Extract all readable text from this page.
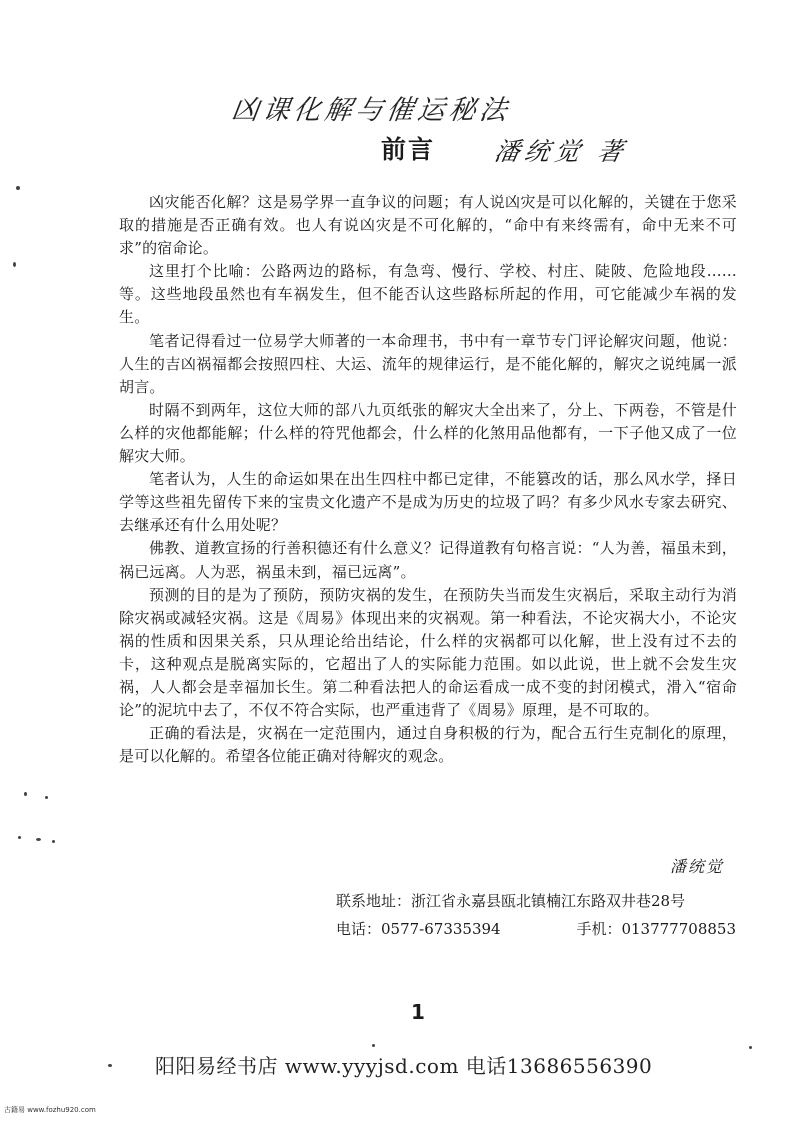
凶课化解与催运秘法
前言 潘统觉 著

凶灾能否化解？这是易学界一直争议的问题；有人说凶灾是可以化解的，关键在于您采取的措施是否正确有效。也人有说凶灾是不可化解的，“命中有来终需有，命中无来不可求”的宿命论。

这里打个比喻：公路两边的路标，有急弯、慢行、学校、村庄、陡陂、危险地段……等。这些地段虽然也有车祸发生，但不能否认这些路标所起的作用，可它能减少车祸的发生。

笔者记得看过一位易学大师著的一本命理书，书中有一章节专门评论解灾问题，他说：人生的吉凶祸福都会按照四柱、大运、流年的规律运行，是不能化解的，解灾之说纯属一派胡言。

时隔不到两年，这位大师的部八九页纸张的解灾大全出来了，分上、下两卷，不管是什么样的灾他都能解；什么样的符咒他都会，什么样的化煞用品他都有，一下子他又成了一位解灾大师。

笔者认为，人生的命运如果在出生四柱中都已定律，不能篡改的话，那么风水学，择日学等这些祖先留传下来的宝贵文化遗产不是成为历史的垃圾了吗？有多少风水专家去研究、去继承还有什么用处呢？

佛教、道教宣扬的行善积德还有什么意义？记得道教有句格言说：“人为善，福虽未到，祸已远离。人为恶，祸虽未到，福已远离”。

预测的目的是为了预防，预防灾祸的发生，在预防失当而发生灾祸后，采取主动行为消除灾祸或减轻灾祸。这是《周易》体现出来的灾祸观。第一种看法，不论灾祸大小，不论灾祸的性质和因果关系，只从理论给出结论，什么样的灾祸都可以化解，世上没有过不去的卡，这种观点是脱离实际的，它超出了人的实际能力范围。如以此说，世上就不会发生灾祸，人人都会是幸福加长生。第二种看法把人的命运看成一成不变的封闭模式，滑入“宿命论”的泥坑中去了，不仅不符合实际，也严重违背了《周易》原理，是不可取的。

正确的看法是，灾祸在一定范围内，通过自身积极的行为，配合五行生克制化的原理，是可以化解的。希望各位能正确对待解灾的观念。

潘统觉
联系地址：浙江省永嘉县瓯北镇楠江东路双井巷28号
电话：0577-67335394	手机：013777708853
1
阳阳易经书店 www.yyyjsd.com 电话13686556390
古籍易 www.fozhu920.com
